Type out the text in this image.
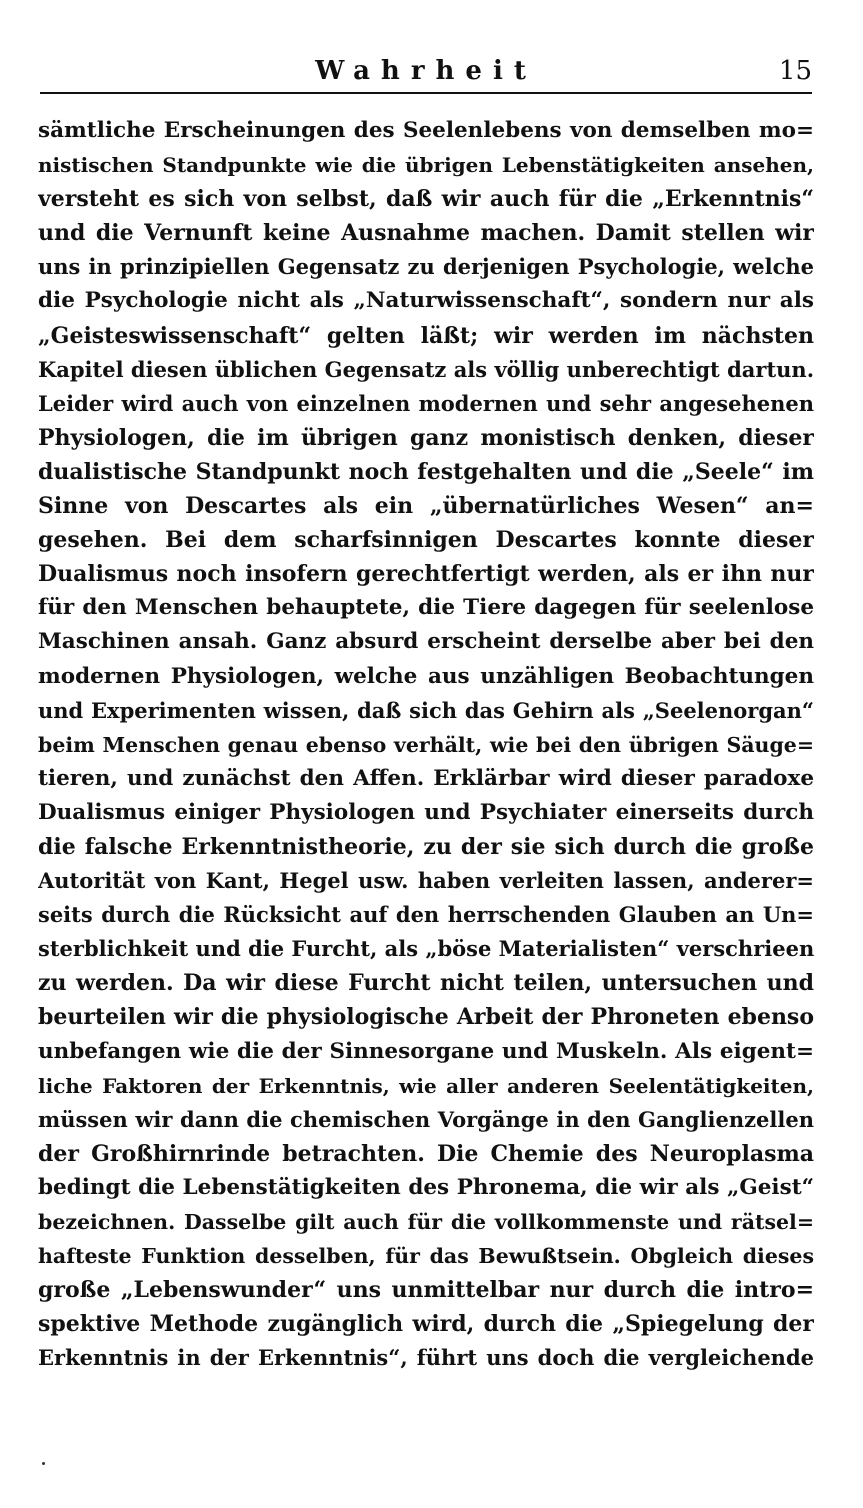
Wahrheit	15
sämtliche Erscheinungen des Seelenlebens von demselben mo=
nistischen Standpunkte wie die übrigen Lebenstätigkeiten ansehen,
versteht es sich von selbst, daß wir auch für die „Erkenntnis“
und die Vernunft keine Ausnahme machen. Damit stellen wir
uns in prinzipiellen Gegensatz zu derjenigen Psychologie, welche
die Psychologie nicht als „Naturwissenschaft“, sondern nur als
„Geisteswissenschaft“ gelten läßt; wir werden im nächsten
Kapitel diesen üblichen Gegensatz als völlig unberechtigt dartun.
Leider wird auch von einzelnen modernen und sehr angesehenen
Physiologen, die im übrigen ganz monistisch denken, dieser
dualistische Standpunkt noch festgehalten und die „Seele“ im
Sinne von Descartes als ein „übernatürliches Wesen“ an=
gesehen. Bei dem scharfsinnigen Descartes konnte dieser
Dualismus noch insofern gerechtfertigt werden, als er ihn nur
für den Menschen behauptete, die Tiere dagegen für seelenlose
Maschinen ansah. Ganz absurd erscheint derselbe aber bei den
modernen Physiologen, welche aus unzähligen Beobachtungen
und Experimenten wissen, daß sich das Gehirn als „Seelenorgan“
beim Menschen genau ebenso verhält, wie bei den übrigen Säuge=
tieren, und zunächst den Affen. Erklärbar wird dieser paradoxe
Dualismus einiger Physiologen und Psychiater einerseits durch
die falsche Erkenntnistheorie, zu der sie sich durch die große
Autorität von Kant, Hegel usw. haben verleiten lassen, anderer=
seits durch die Rücksicht auf den herrschenden Glauben an Un=
sterblichkeit und die Furcht, als „böse Materialisten“ verschrieen
zu werden. Da wir diese Furcht nicht teilen, untersuchen und
beurteilen wir die physiologische Arbeit der Phroneten ebenso
unbefangen wie die der Sinnesorgane und Muskeln. Als eigent=
liche Faktoren der Erkenntnis, wie aller anderen Seelentätigkeiten,
müssen wir dann die chemischen Vorgänge in den Ganglienzellen
der Großhirnrinde betrachten. Die Chemie des Neuroplasma
bedingt die Lebenstätigkeiten des Phronema, die wir als „Geist“
bezeichnen. Dasselbe gilt auch für die vollkommenste und rätsel=
hafteste Funktion desselben, für das Bewußtsein. Obgleich dieses
große „Lebenswunder“ uns unmittelbar nur durch die intro=
spektive Methode zugänglich wird, durch die „Spiegelung der
Erkenntnis in der Erkenntnis“, führt uns doch die vergleichende
